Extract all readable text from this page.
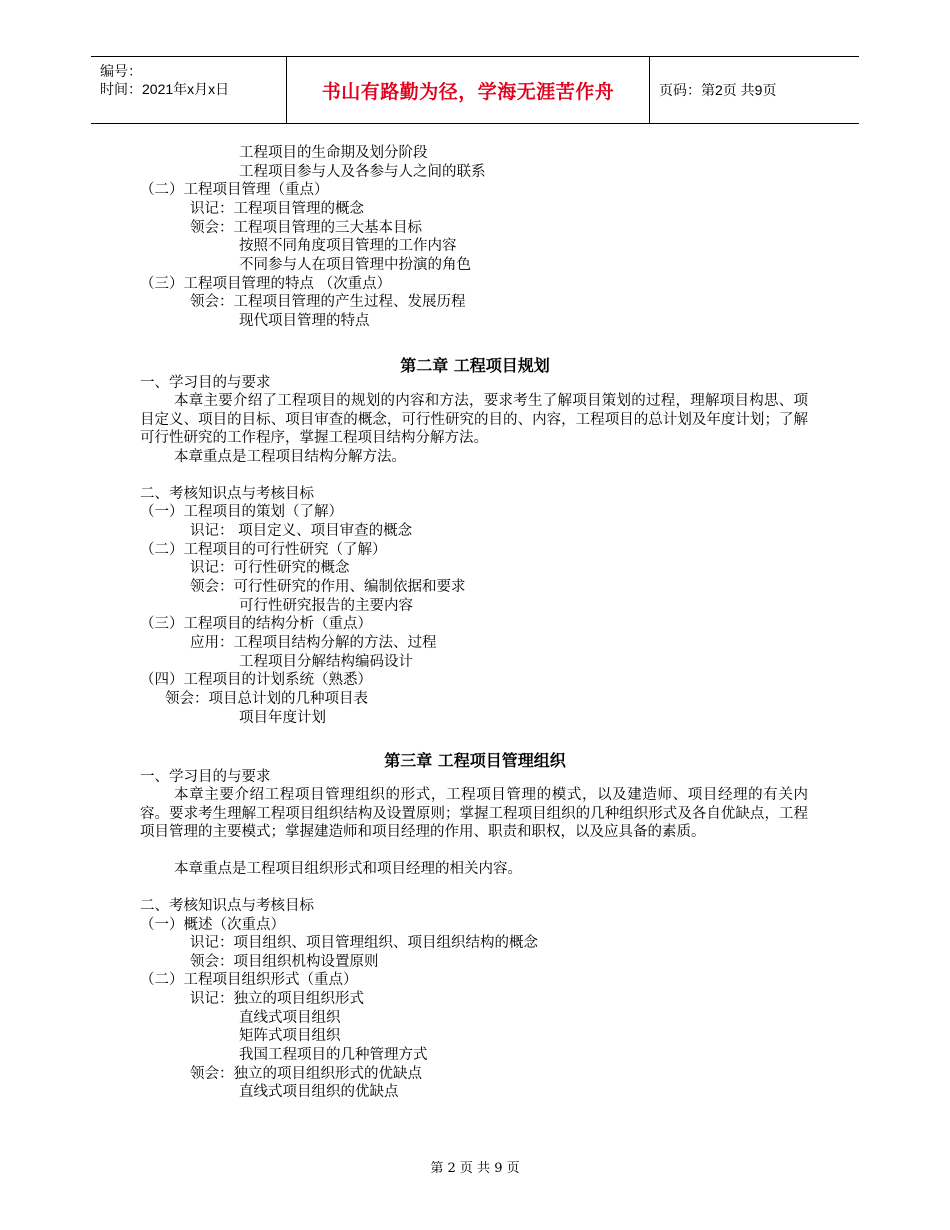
编号：
时间：2021年x月x日	书山有路勤为径，学海无涯苦作舟	页码：第2页 共9页
工程项目的生命期及划分阶段
工程项目参与人及各参与人之间的联系
（二）工程项目管理（重点）
识记：工程项目管理的概念
领会：工程项目管理的三大基本目标
按照不同角度项目管理的工作内容
不同参与人在项目管理中扮演的角色
（三）工程项目管理的特点 （次重点）
领会：工程项目管理的产生过程、发展历程
现代项目管理的特点
第二章 工程项目规划
一、学习目的与要求
本章主要介绍了工程项目的规划的内容和方法，要求考生了解项目策划的过程，理解项目构思、项目定义、项目的目标、项目审查的概念，可行性研究的目的、内容，工程项目的总计划及年度计划；了解可行性研究的工作程序，掌握工程项目结构分解方法。
本章重点是工程项目结构分解方法。
二、考核知识点与考核目标
（一）工程项目的策划（了解）
识记： 项目定义、项目审查的概念
（二）工程项目的可行性研究（了解）
识记：可行性研究的概念
领会：可行性研究的作用、编制依据和要求
可行性研究报告的主要内容
（三）工程项目的结构分析（重点）
应用：工程项目结构分解的方法、过程
工程项目分解结构编码设计
（四）工程项目的计划系统（熟悉）
领会：项目总计划的几种项目表
项目年度计划
第三章 工程项目管理组织
一、学习目的与要求
本章主要介绍工程项目管理组织的形式，工程项目管理的模式，以及建造师、项目经理的有关内容。要求考生理解工程项目组织结构及设置原则；掌握工程项目组织的几种组织形式及各自优缺点，工程项目管理的主要模式；掌握建造师和项目经理的作用、职责和职权，以及应具备的素质。
本章重点是工程项目组织形式和项目经理的相关内容。
二、考核知识点与考核目标
（一）概述（次重点）
识记：项目组织、项目管理组织、项目组织结构的概念
领会：项目组织机构设置原则
（二）工程项目组织形式（重点）
识记：独立的项目组织形式
直线式项目组织
矩阵式项目组织
我国工程项目的几种管理方式
领会：独立的项目组织形式的优缺点
直线式项目组织的优缺点
第 2 页 共 9 页
